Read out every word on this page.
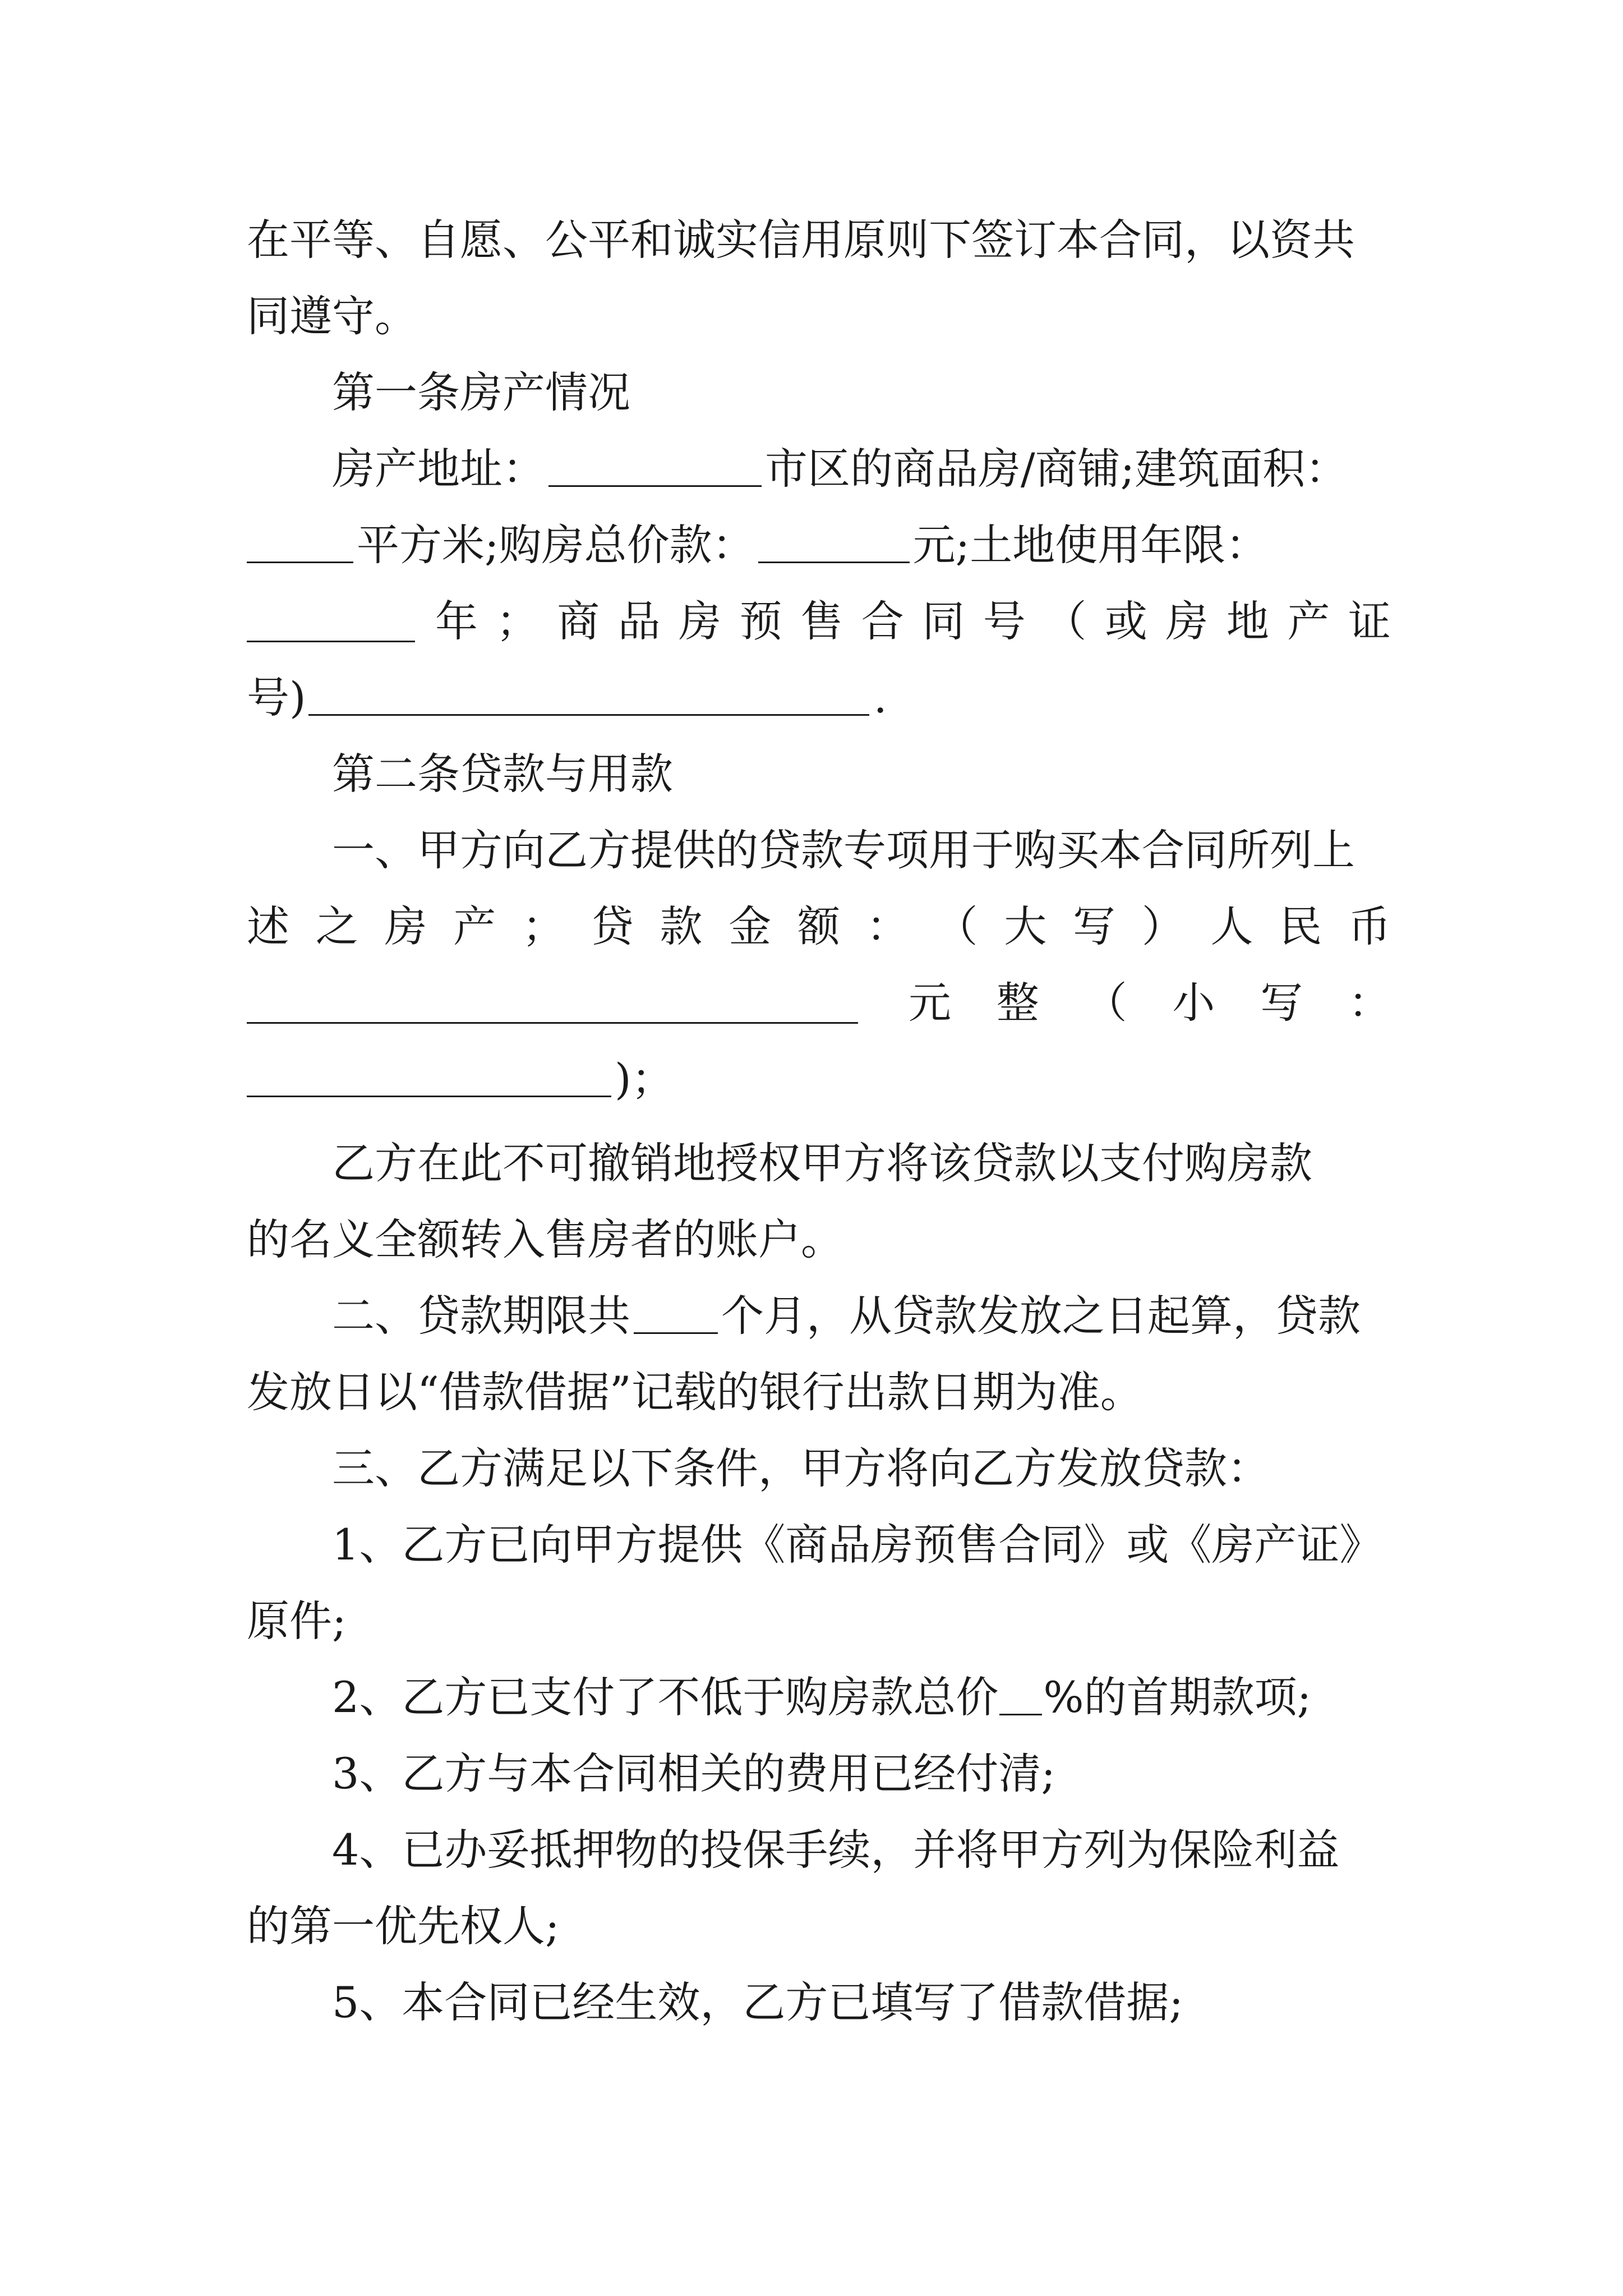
在平等、自愿、公平和诚实信用原则下签订本合同，以资共
同遵守。
第一条房产情况
房产地址：	市区的商品房/商铺;建筑面积：
平方米;购房总价款：	元;土地使用年限：
年 ； 商 品 房 预 售 合 同 号 （ 或 房 地 产 证
号)	.
第二条贷款与用款
一、甲方向乙方提供的贷款专项用于购买本合同所列上
述 之 房 产 ； 贷 款 金 额 ： （ 大 写 ） 人 民 币
元 整 （ 小 写 ：
)；
乙方在此不可撤销地授权甲方将该贷款以支付购房款
的名义全额转入售房者的账户。
二、贷款期限共 个月，从贷款发放之日起算，贷款
发放日以“借款借据”记载的银行出款日期为准。
三、乙方满足以下条件，甲方将向乙方发放贷款：
1、乙方已向甲方提供《商品房预售合同》或《房产证》
原件;
2、乙方已支付了不低于购房款总价 %的首期款项;
3、乙方与本合同相关的费用已经付清;
4、已办妥抵押物的投保手续，并将甲方列为保险利益
的第一优先权人;
5、本合同已经生效，乙方已填写了借款借据;
